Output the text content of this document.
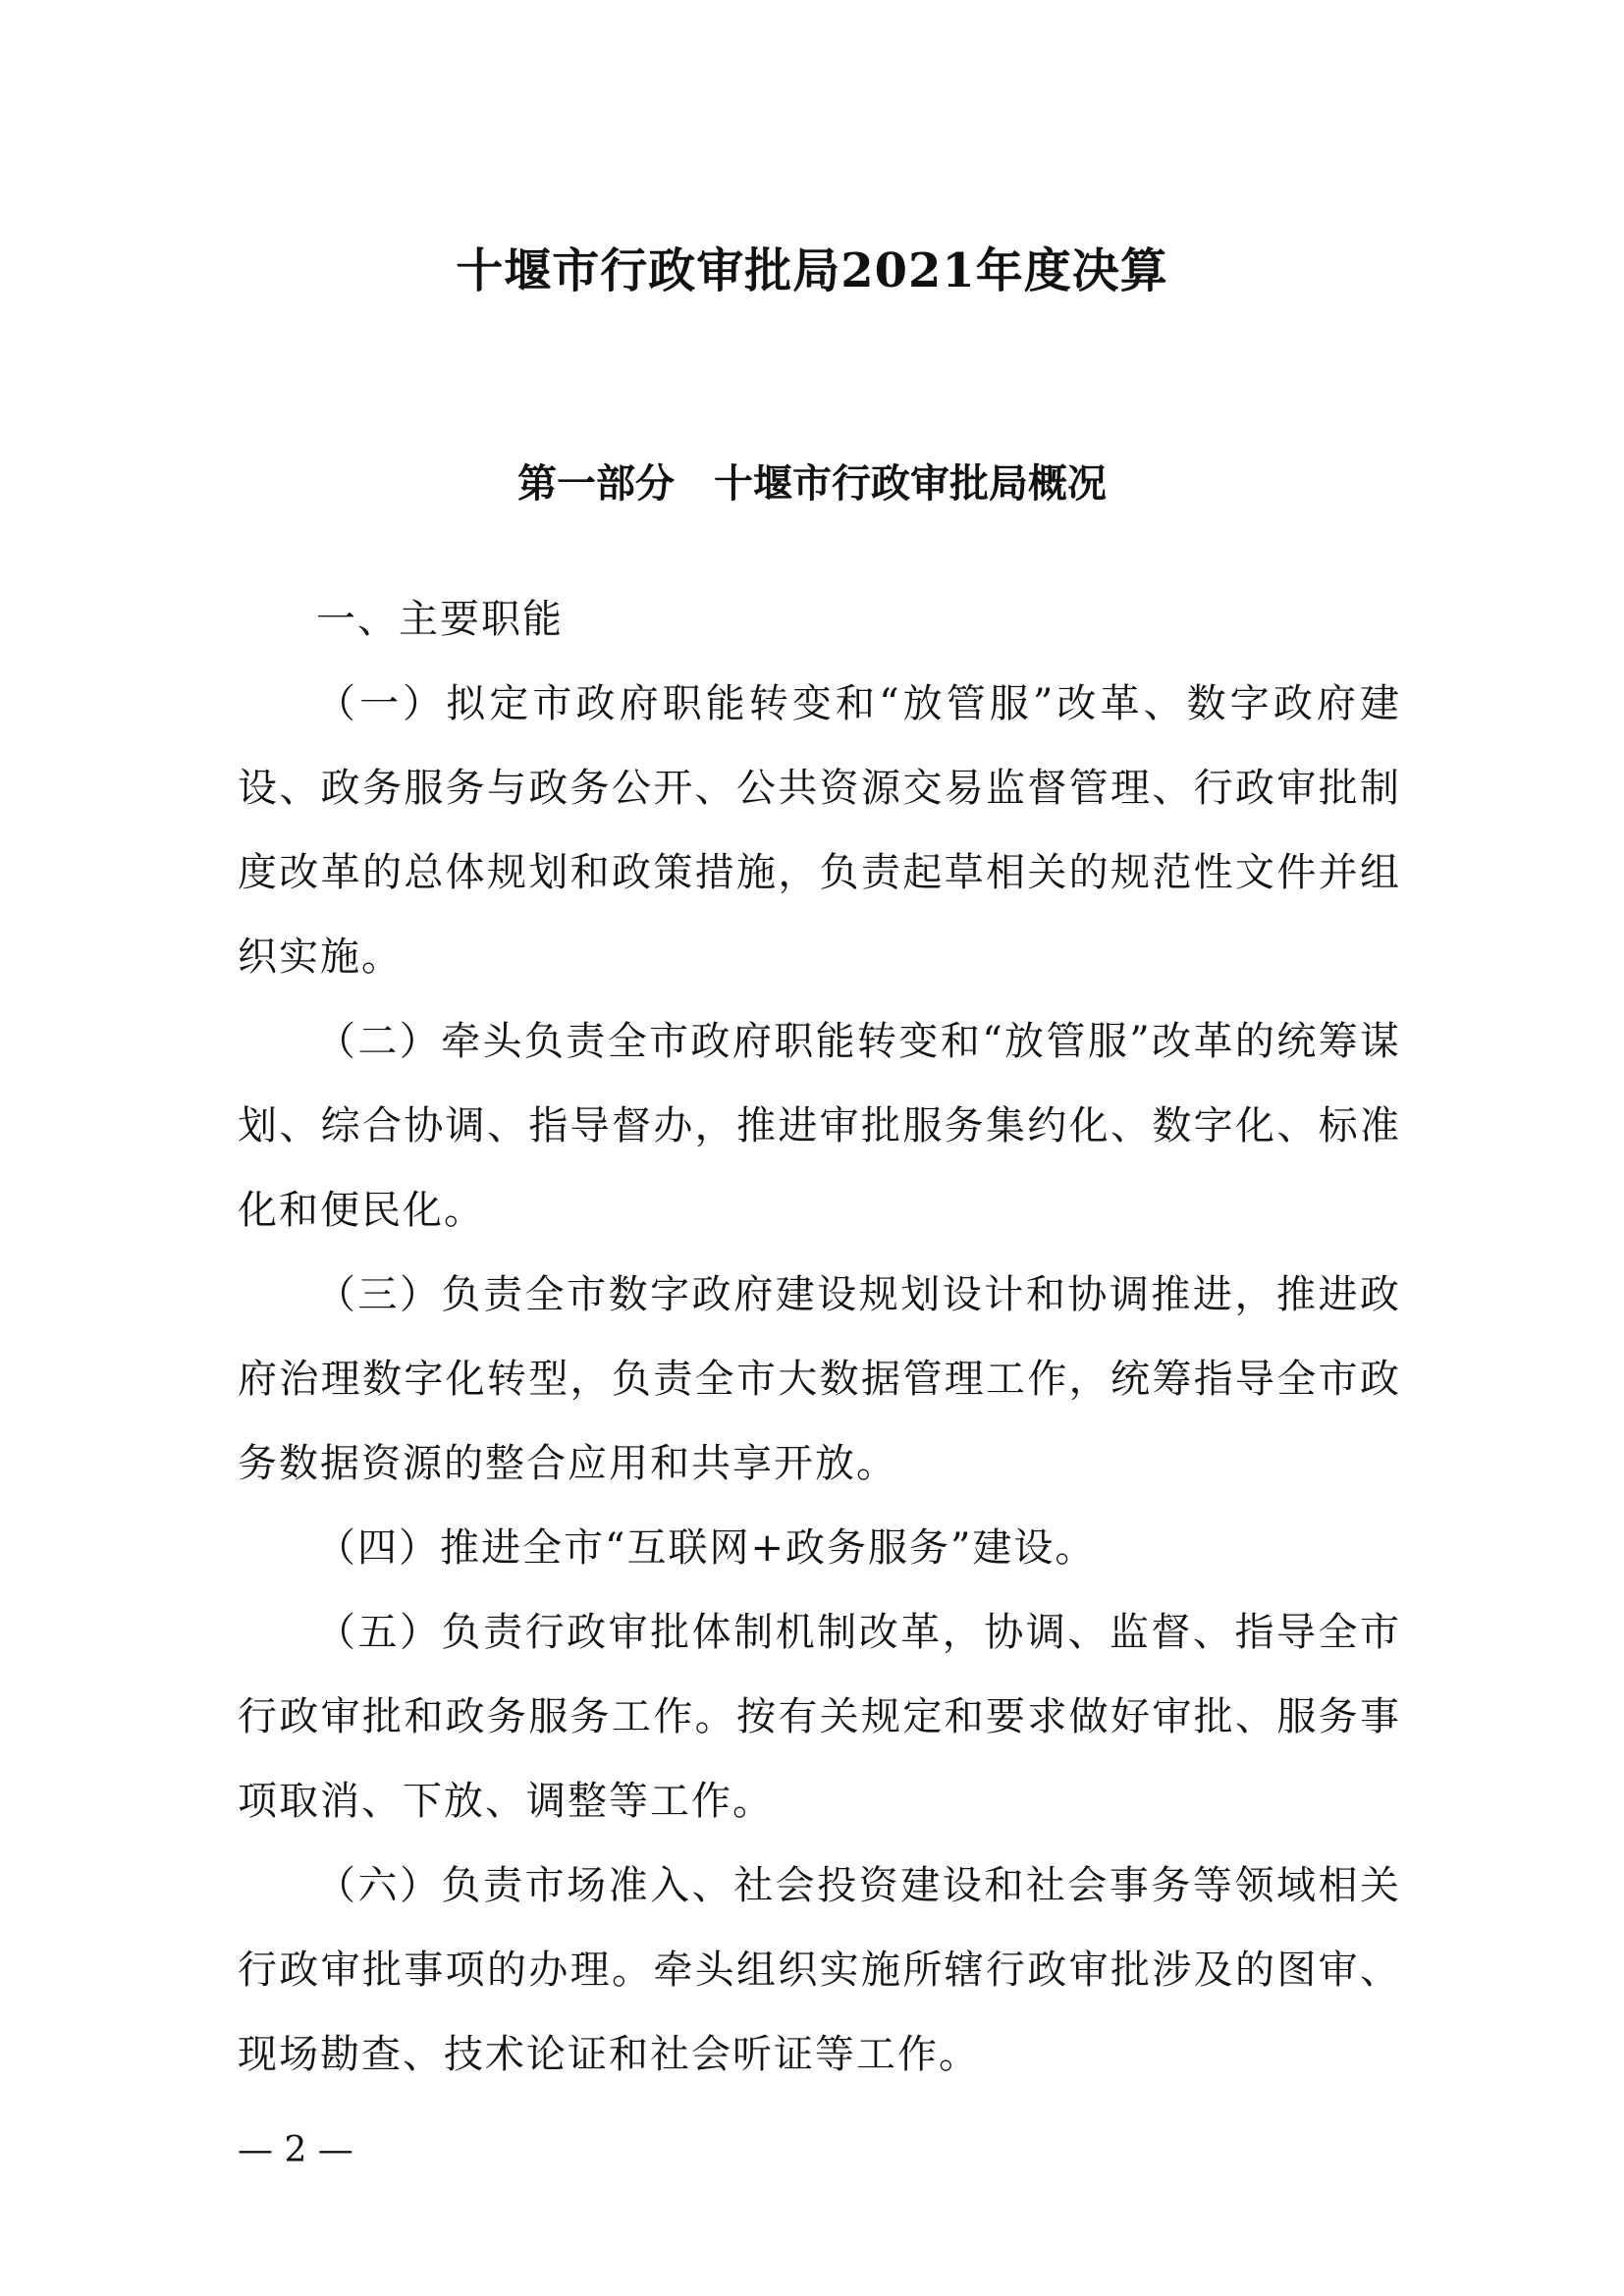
十堰市行政审批局2021年度决算
第一部分　十堰市行政审批局概况

一、主要职能

（一）拟定市政府职能转变和“放管服”改革、数字政府建设、政务服务与政务公开、公共资源交易监督管理、行政审批制度改革的总体规划和政策措施，负责起草相关的规范性文件并组织实施。

（二）牵头负责全市政府职能转变和“放管服”改革的统筹谋划、综合协调、指导督办，推进审批服务集约化、数字化、标准化和便民化。

（三）负责全市数字政府建设规划设计和协调推进，推进政府治理数字化转型，负责全市大数据管理工作，统筹指导全市政务数据资源的整合应用和共享开放。

（四）推进全市“互联网+政务服务”建设。

（五）负责行政审批体制机制改革，协调、监督、指导全市行政审批和政务服务工作。按有关规定和要求做好审批、服务事项取消、下放、调整等工作。

（六）负责市场准入、社会投资建设和社会事务等领域相关行政审批事项的办理。牵头组织实施所辖行政审批涉及的图审、现场勘查、技术论证和社会听证等工作。

— 2 —
